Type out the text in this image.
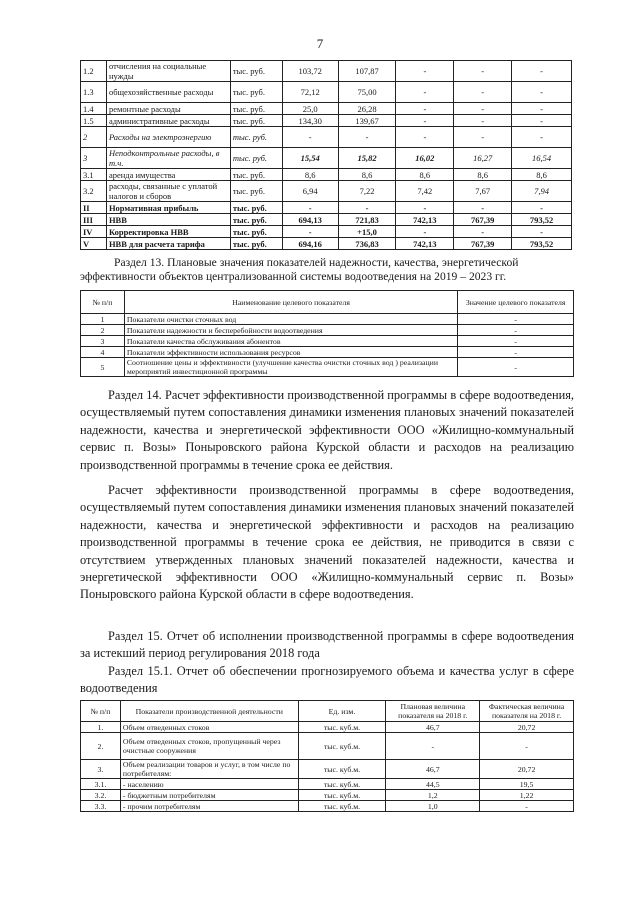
7
1.2	отчисления на социальные нужды	тыс. руб.	103,72	107,87	-	-	-
1.3	общехозяйственные расходы	тыс. руб.	72,12	75,00	-	-	-
1.4	ремонтные расходы	тыс. руб.	25,0	26,28	-	-	-
1.5	административные расходы	тыс. руб.	134,30	139,67	-	-	-
2	Расходы на электроэнергию	тыс. руб.	-	-	-	-	-
3	Неподконтрольные расходы, в т.ч.	тыс. руб.	15,54	15,82	16,02	16,27	16,54
3.1	аренда имущества	тыс. руб.	8,6	8,6	8,6	8,6	8,6
3.2	расходы, связанные с уплатой налогов и сборов	тыс. руб.	6,94	7,22	7,42	7,67	7,94
II	Нормативная прибыль	тыс. руб.	-	-	-	-	-
III	НВВ	тыс. руб.	694,13	721,83	742,13	767,39	793,52
IV	Корректировка НВВ	тыс. руб.	-	+15,0	-	-	-
V	НВВ для расчета тарифа	тыс. руб.	694,16	736,83	742,13	767,39	793,52
Раздел 13. Плановые значения показателей надежности, качества, энергетической эффективности объектов централизованной системы водоотведения на 2019 – 2023 гг.
№ п/п	Наименование целевого показателя	Значение целевого показателя
1	Показатели очистки сточных вод	-
2	Показатели надежности и бесперебойности водоотведения	-
3	Показатели качества обслуживания абонентов	-
4	Показатели эффективности использования ресурсов	-
5	Соотношение цены и эффективности (улучшение качества очистки сточных вод ) реализации мероприятий инвестиционной программы	-

Раздел 14. Расчет эффективности производственной программы в сфере водоотведения, осуществляемый путем сопоставления динамики изменения плановых значений показателей надежности, качества и энергетической эффективности ООО «Жилищно-коммунальный сервис п. Возы» Поныровского района Курской области и расходов на реализацию производственной программы в течение срока ее действия.

Расчет эффективности производственной программы в сфере водоотведения, осуществляемый путем сопоставления динамики изменения плановых значений показателей надежности, качества и энергетической эффективности и расходов на реализацию производственной программы в течение срока ее действия, не приводится в связи с отсутствием утвержденных плановых значений показателей надежности, качества и энергетической эффективности ООО «Жилищно-коммунальный сервис п. Возы» Поныровского района Курской области в сфере водоотведения.

Раздел 15. Отчет об исполнении производственной программы в сфере водоотведения за истекший период регулирования 2018 года

Раздел 15.1. Отчет об обеспечении прогнозируемого объема и качества услуг в сфере водоотведения

№ п/п	Показатели производственной деятельности	Ед. изм.	Плановая величина показателя на 2018 г.	Фактическая величина показателя на 2018 г.
1.	Объем отведенных стоков	тыс. куб.м.	46,7	20,72
2.	Объем отведенных стоков, пропущенный через очистные сооружения	тыс. куб.м.	-	-
3.	Объем реализации товаров и услуг, в том числе по потребителям:	тыс. куб.м.	46,7	20,72
3.1.	- населению	тыс. куб.м.	44,5	19,5
3.2.	- бюджетным потребителям	тыс. куб.м.	1,2	1,22
3.3.	- прочим потребителям	тыс. куб.м.	1,0	-
